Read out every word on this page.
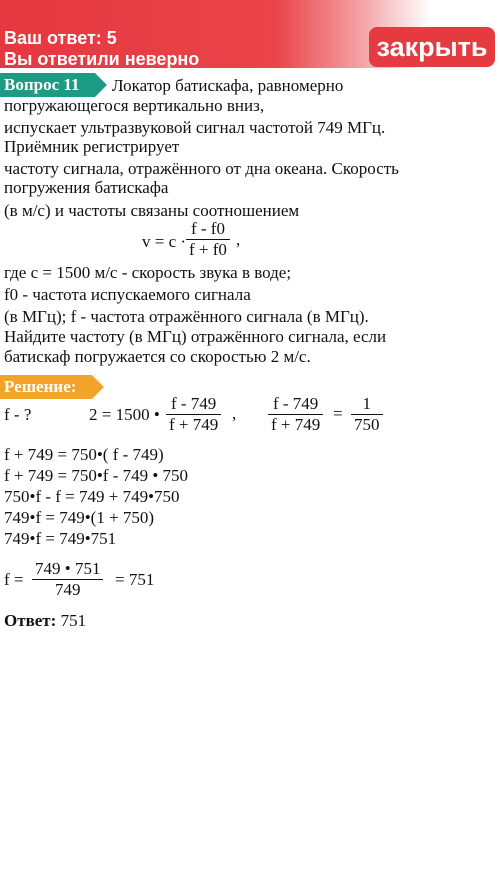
Ваш ответ: 5
Вы ответили неверно	закрыть
Вопрос 11	Локатор батискафа, равномерно
погружающегося вертикально вниз,
испускает ультразвуковой сигнал частотой 749 МГц.
Приёмник регистрирует
частоту сигнала, отражённого от дна океана. Скорость
погружения батискафа
(в м/с) и частоты связаны соотношением
$v = c \cdot \frac{f - f0}{f + f0}$ ,
где c = 1500 м/с - скорость звука в воде;
f0 - частота испускаемого сигнала
(в МГц); f - частота отражённого сигнала (в МГц).
Найдите частоту (в МГц) отражённого сигнала, если
батискаф погружается со скоростью 2 м/с.
Решение:
f - ?	2 = 1500 • $\frac{f - 749}{f + 749}$ , $\frac{f - 749}{f + 749} = \frac{1}{750}$
f + 749 = 750•( f - 749)
f + 749 = 750•f - 749 • 750
750•f - f = 749 + 749•750
749•f = 749•(1 + 750)
749•f = 749•751
$f = \frac{749 • 751}{749} = 751$
Ответ: 751
